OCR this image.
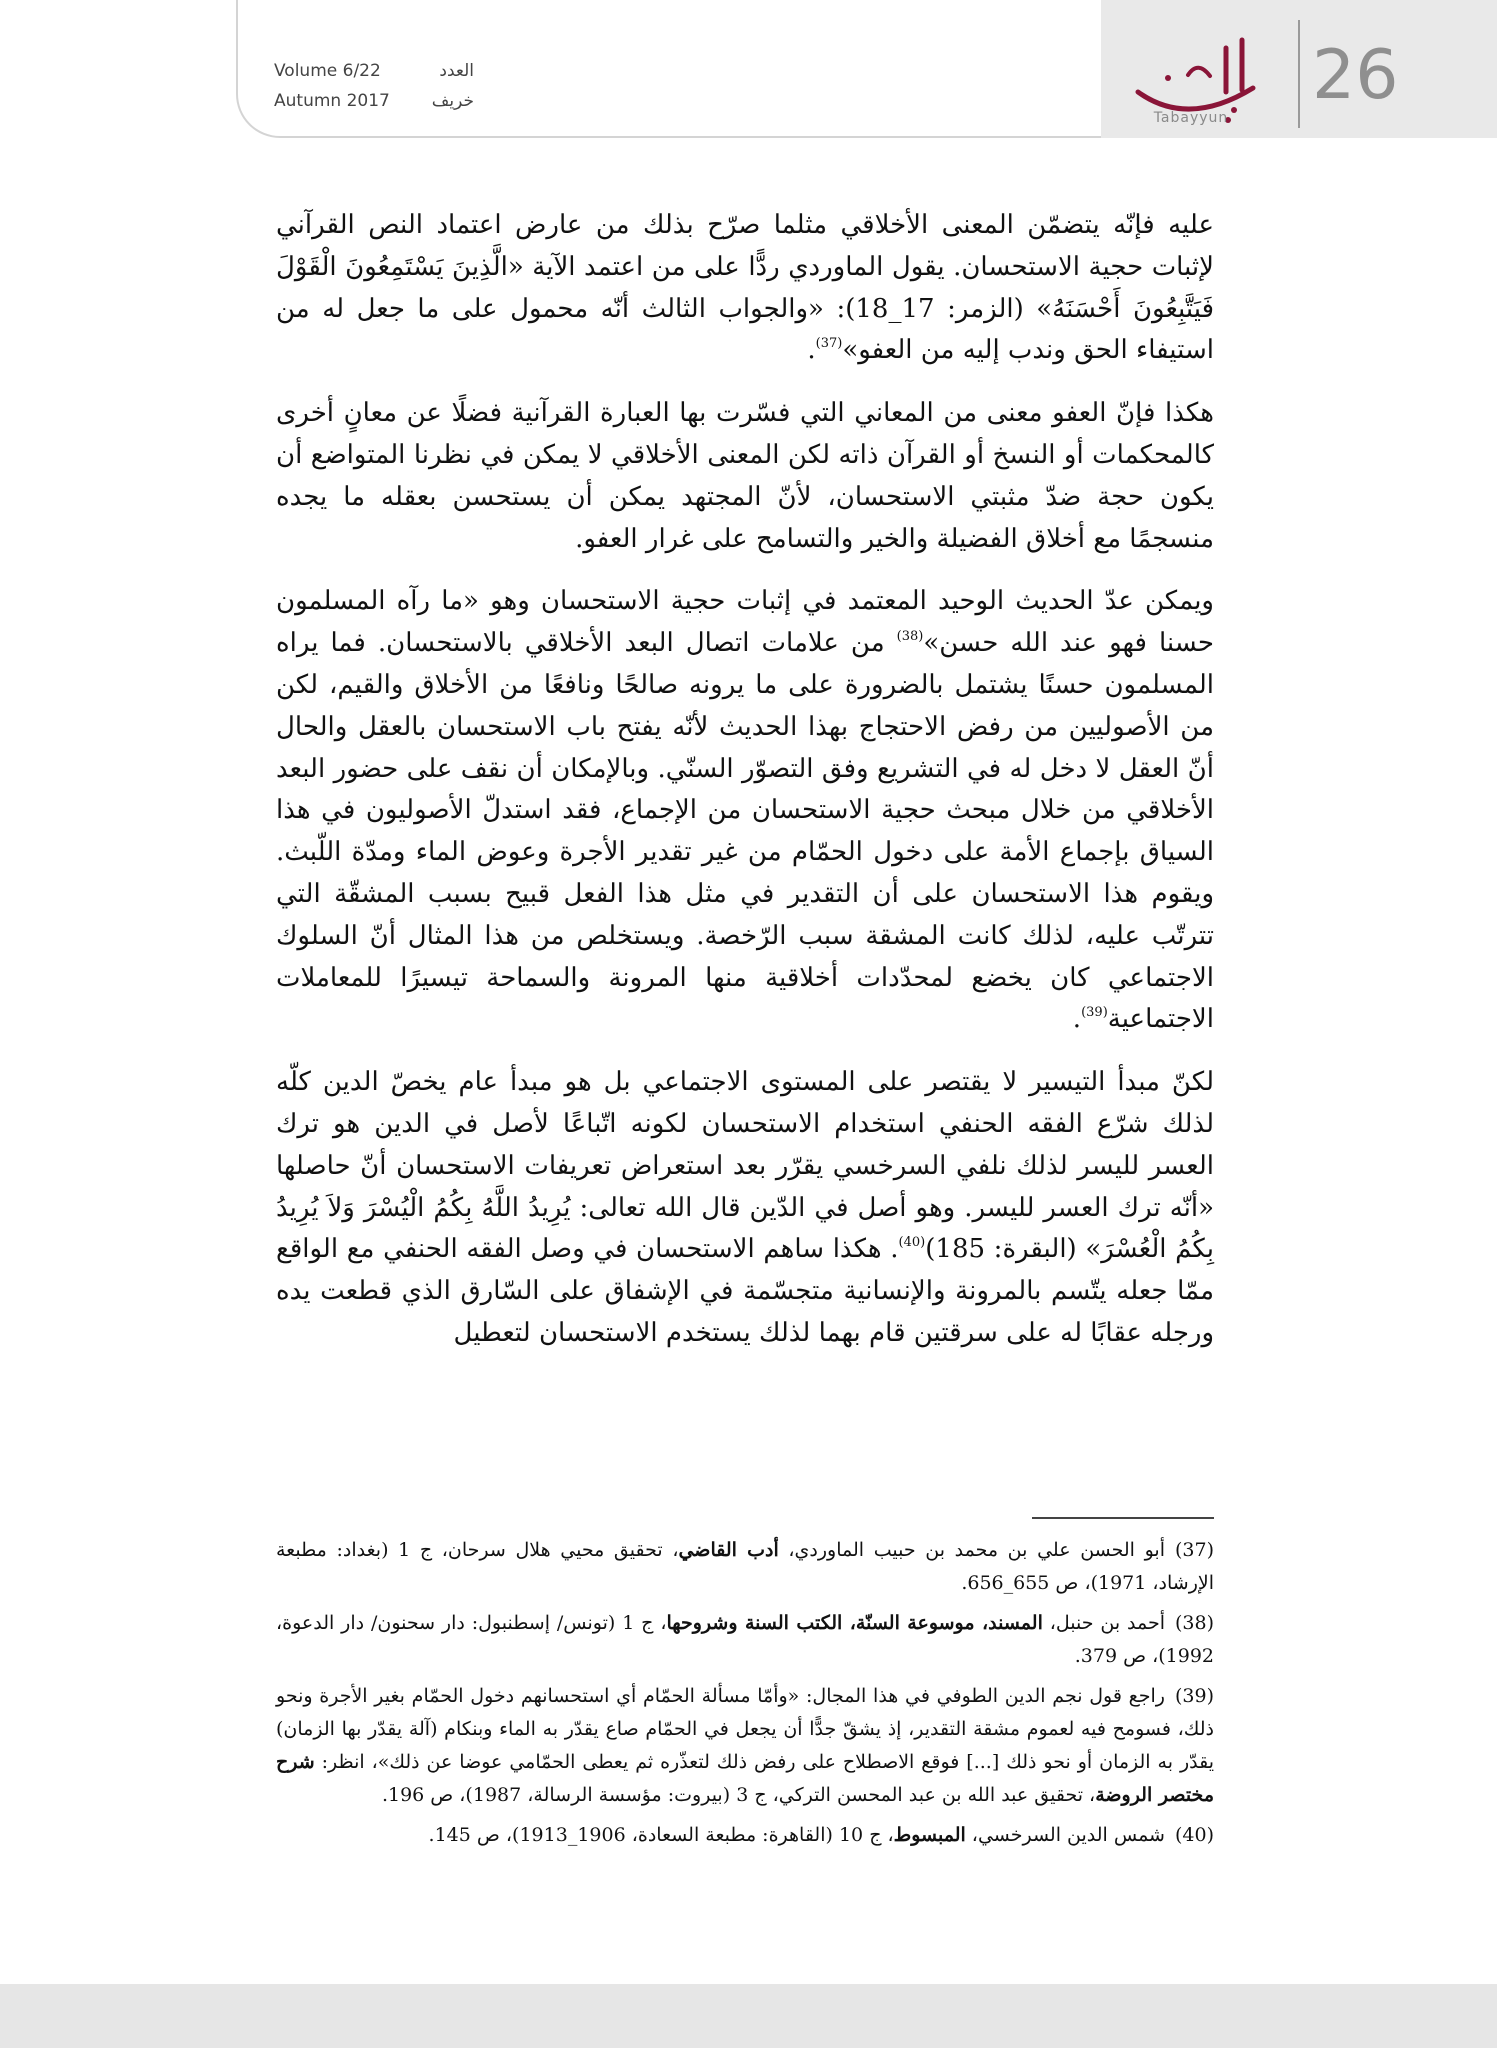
Volume 6/22	العدد
Autumn 2017 خريف
تبيُّن
Tabayyun
26

عليه فإنّه يتضمّن المعنى الأخلاقي مثلما صرّح بذلك من عارض اعتماد النص القرآني لإثبات حجية الاستحسان. يقول الماوردي ردًّا على من اعتمد الآية «الَّذِينَ يَسْتَمِعُونَ الْقَوْلَ فَيَتَّبِعُونَ أَحْسَنَهُ» (الزمر: 17_18): «والجواب الثالث أنّه محمول على ما جعل له من استيفاء الحق وندب إليه من العفو»$^{(37)}$.

هكذا فإنّ العفو معنى من المعاني التي فسّرت بها العبارة القرآنية فضلًا عن معانٍ أخرى كالمحكمات أو النسخ أو القرآن ذاته لكن المعنى الأخلاقي لا يمكن في نظرنا المتواضع أن يكون حجة ضدّ مثبتي الاستحسان، لأنّ المجتهد يمكن أن يستحسن بعقله ما يجده منسجمًا مع أخلاق الفضيلة والخير والتسامح على غرار العفو.

ويمكن عدّ الحديث الوحيد المعتمد في إثبات حجية الاستحسان وهو «ما رآه المسلمون حسنا فهو عند الله حسن»$^{(38)}$ من علامات اتصال البعد الأخلاقي بالاستحسان. فما يراه المسلمون حسنًا يشتمل بالضرورة على ما يرونه صالحًا ونافعًا من الأخلاق والقيم، لكن من الأصوليين من رفض الاحتجاج بهذا الحديث لأنّه يفتح باب الاستحسان بالعقل والحال أنّ العقل لا دخل له في التشريع وفق التصوّر السنّي. وبالإمكان أن نقف على حضور البعد الأخلاقي من خلال مبحث حجية الاستحسان من الإجماع، فقد استدلّ الأصوليون في هذا السياق بإجماع الأمة على دخول الحمّام من غير تقدير الأجرة وعوض الماء ومدّة اللّبث. ويقوم هذا الاستحسان على أن التقدير في مثل هذا الفعل قبيح بسبب المشقّة التي تترتّب عليه، لذلك كانت المشقة سبب الرّخصة. ويستخلص من هذا المثال أنّ السلوك الاجتماعي كان يخضع لمحدّدات أخلاقية منها المرونة والسماحة تيسيرًا للمعاملات الاجتماعية$^{(39)}$.

لكنّ مبدأ التيسير لا يقتصر على المستوى الاجتماعي بل هو مبدأ عام يخصّ الدين كلّه لذلك شرّع الفقه الحنفي استخدام الاستحسان لكونه اتّباعًا لأصل في الدين هو ترك العسر لليسر لذلك نلفي السرخسي يقرّر بعد استعراض تعريفات الاستحسان أنّ حاصلها «أنّه ترك العسر لليسر. وهو أصل في الدّين قال الله تعالى: يُرِيدُ اللَّهُ بِكُمُ الْيُسْرَ وَلاَ يُرِيدُ بِكُمُ الْعُسْرَ» (البقرة: 185)$^{(40)}$. هكذا ساهم الاستحسان في وصل الفقه الحنفي مع الواقع ممّا جعله يتّسم بالمرونة والإنسانية متجسّمة في الإشفاق على السّارق الذي قطعت يده ورجله عقابًا له على سرقتين قام بهما لذلك يستخدم الاستحسان لتعطيل

(37)أبو الحسن علي بن محمد بن حبيب الماوردي، أدب القاضي، تحقيق محيي هلال سرحان، ج 1 (بغداد: مطبعة الإرشاد، 1971)، ص 655_656.

(38)أحمد بن حنبل، المسند، موسوعة السنّة، الكتب السنة وشروحها، ج 1 (تونس/ إسطنبول: دار سحنون/ دار الدعوة، 1992)، ص 379.

(39)راجع قول نجم الدين الطوفي في هذا المجال: «وأمّا مسألة الحمّام أي استحسانهم دخول الحمّام بغير الأجرة ونحو ذلك، فسومح فيه لعموم مشقة التقدير، إذ يشقّ جدًّا أن يجعل في الحمّام صاع يقدّر به الماء وبنكام (آلة يقدّر بها الزمان) يقدّر به الزمان أو نحو ذلك [...] فوقع الاصطلاح على رفض ذلك لتعذّره ثم يعطى الحمّامي عوضا عن ذلك»، انظر: شرح مختصر الروضة، تحقيق عبد الله بن عبد المحسن التركي، ج 3 (بيروت: مؤسسة الرسالة، 1987)، ص 196.

(40)شمس الدين السرخسي، المبسوط، ج 10 (القاهرة: مطبعة السعادة، 1906_1913)، ص 145.
